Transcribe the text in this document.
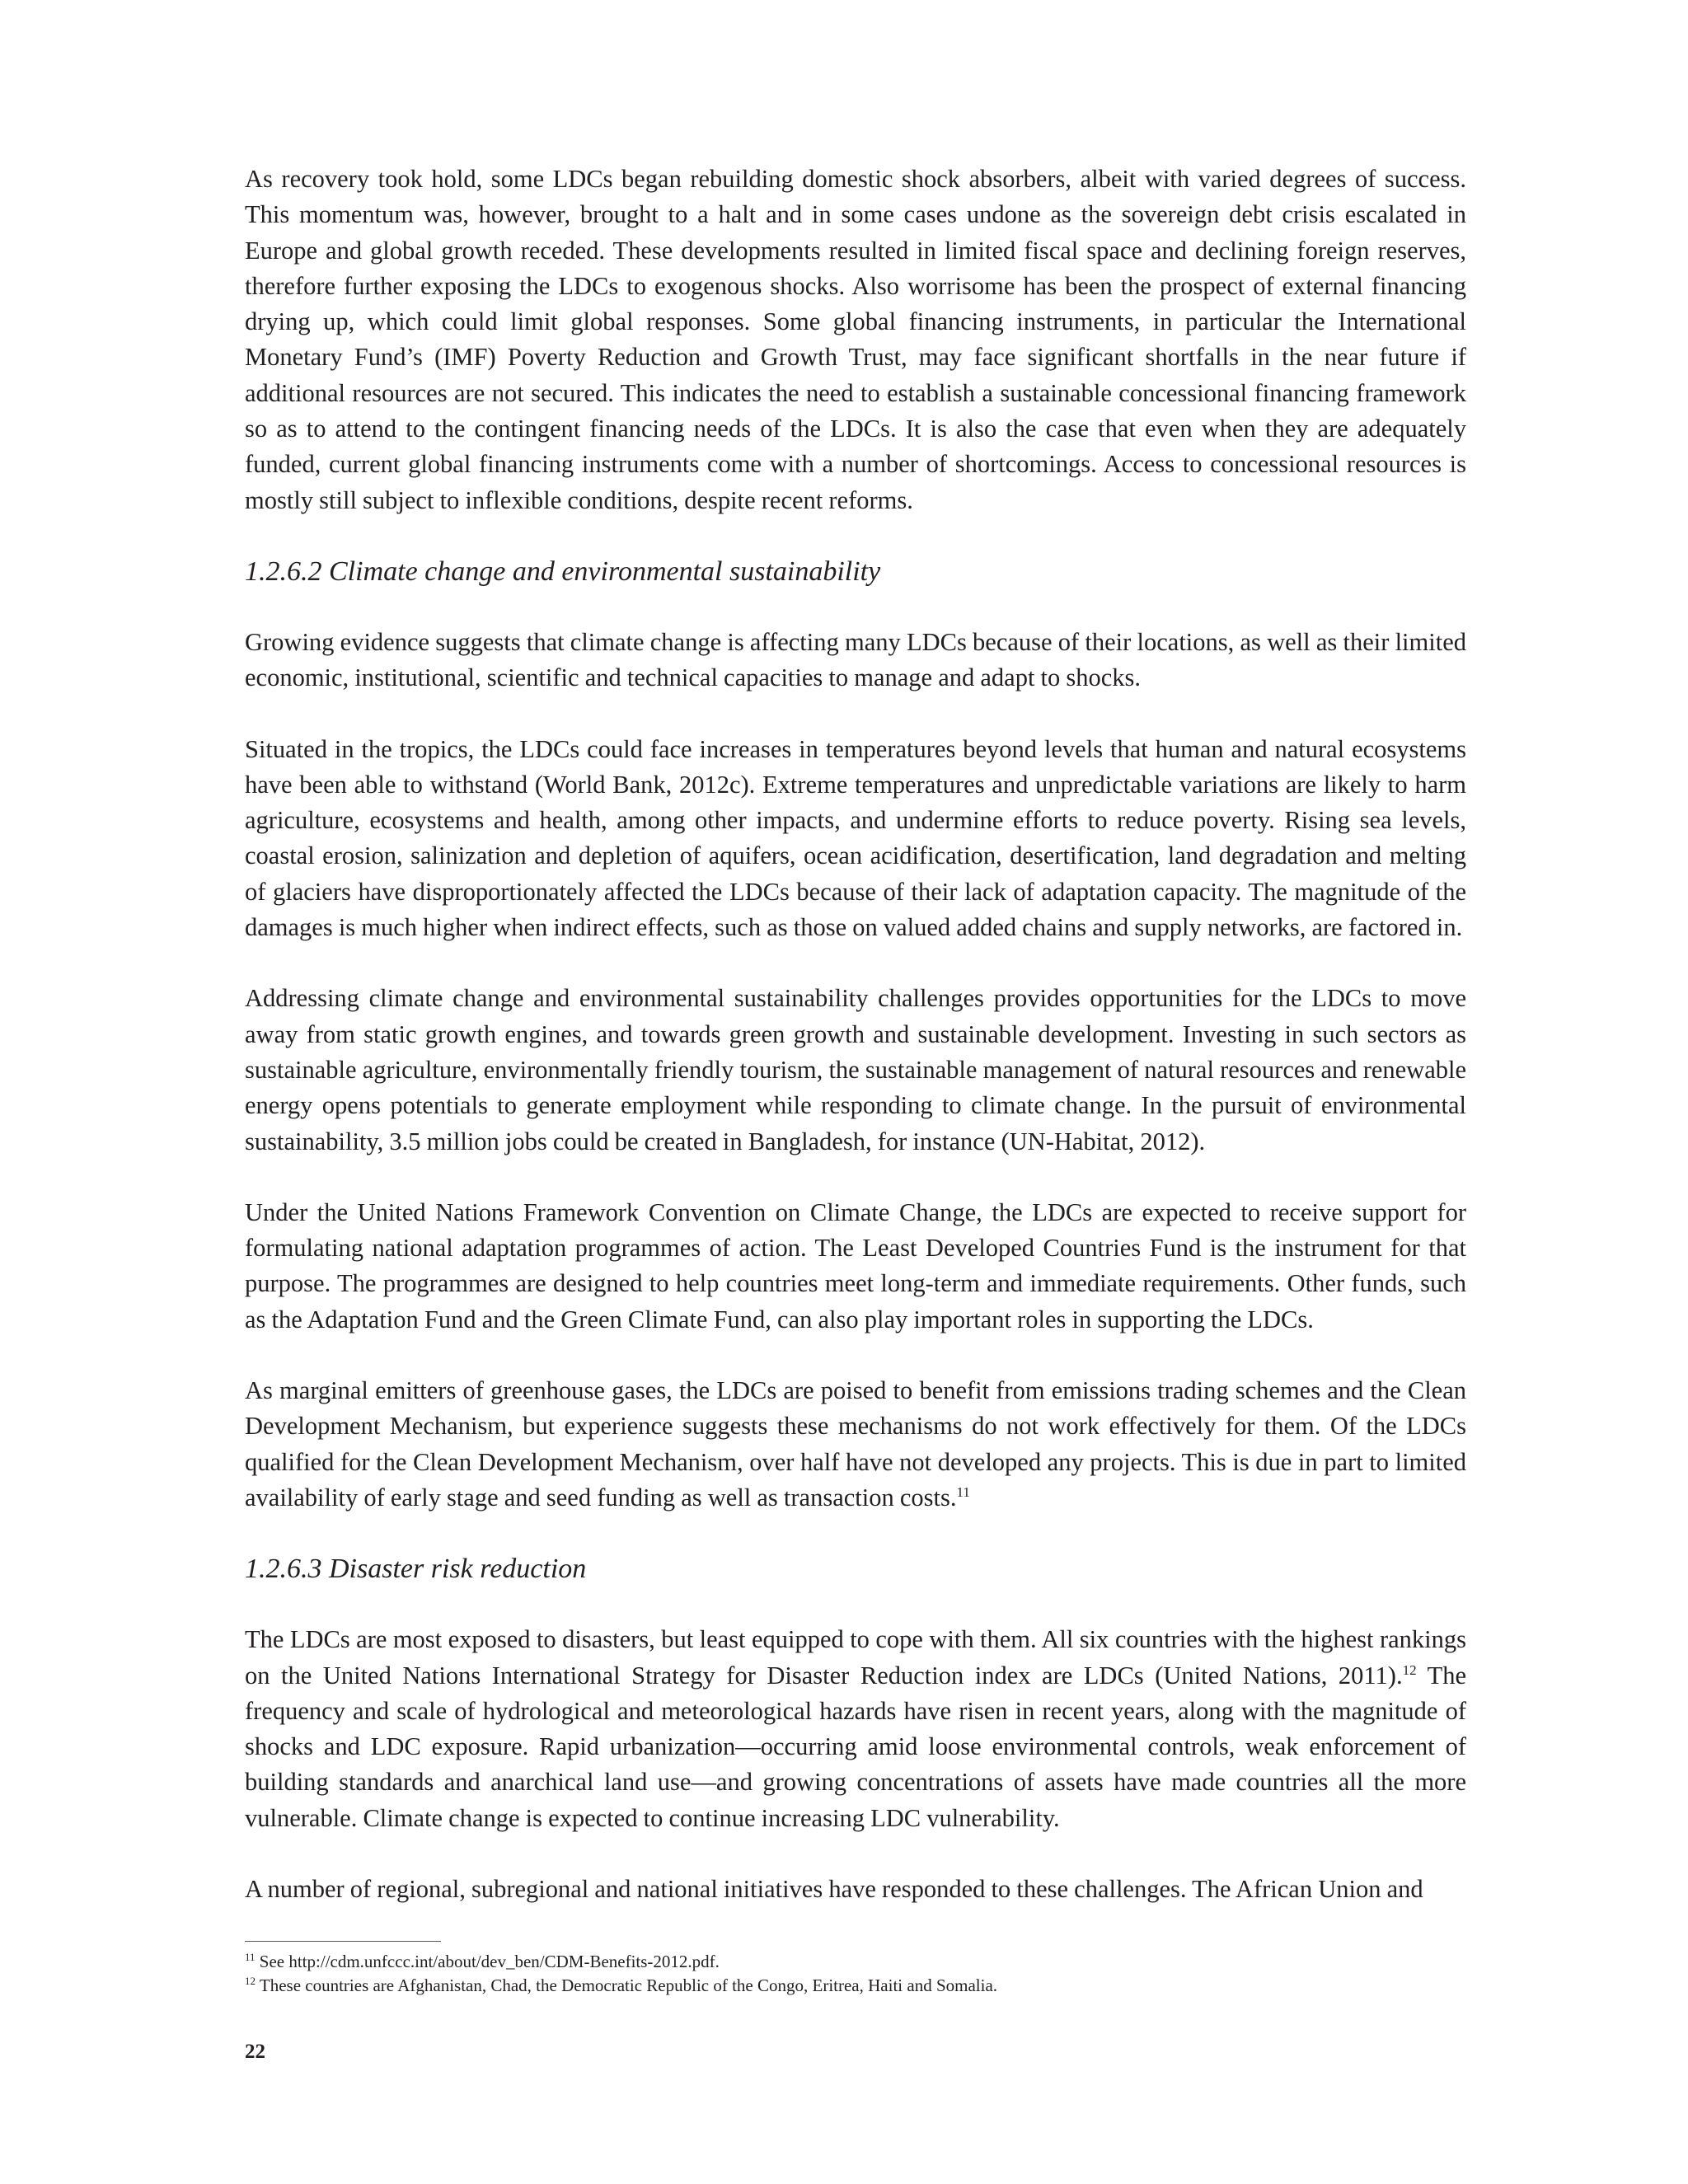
As recovery took hold, some LDCs began rebuilding domestic shock absorbers, albeit with varied degrees of success. This momentum was, however, brought to a halt and in some cases undone as the sovereign debt crisis escalated in Europe and global growth receded. These developments resulted in limited fiscal space and declining foreign reserves, therefore further exposing the LDCs to exogenous shocks. Also worrisome has been the prospect of external financing drying up, which could limit global responses. Some global financing instruments, in particular the International Monetary Fund’s (IMF) Poverty Reduction and Growth Trust, may face significant shortfalls in the near future if additional resources are not secured. This indicates the need to establish a sustainable concessional financing framework so as to attend to the contingent financing needs of the LDCs. It is also the case that even when they are adequately funded, current global financing instruments come with a number of shortcomings. Access to concessional resources is mostly still subject to inflexible conditions, despite recent reforms.

1.2.6.2 Climate change and environmental sustainability

Growing evidence suggests that climate change is affecting many LDCs because of their locations, as well as their limited economic, institutional, scientific and technical capacities to manage and adapt to shocks.

Situated in the tropics, the LDCs could face increases in temperatures beyond levels that human and natural ecosystems have been able to withstand (World Bank, 2012c). Extreme temperatures and unpredictable variations are likely to harm agriculture, ecosystems and health, among other impacts, and undermine efforts to reduce poverty. Rising sea levels, coastal erosion, salinization and depletion of aquifers, ocean acidification, desertification, land degradation and melting of glaciers have disproportionately affected the LDCs because of their lack of adaptation capacity. The magnitude of the damages is much higher when indirect effects, such as those on valued added chains and supply networks, are factored in.

Addressing climate change and environmental sustainability challenges provides opportunities for the LDCs to move away from static growth engines, and towards green growth and sustainable development. Investing in such sectors as sustainable agriculture, environmentally friendly tourism, the sustainable management of natural resources and renewable energy opens potentials to generate employment while responding to climate change. In the pursuit of environmental sustainability, 3.5 million jobs could be created in Bangladesh, for instance (UN-Habitat, 2012).

Under the United Nations Framework Convention on Climate Change, the LDCs are expected to receive support for formulating national adaptation programmes of action. The Least Developed Countries Fund is the instrument for that purpose. The programmes are designed to help countries meet long-term and immediate requirements. Other funds, such as the Adaptation Fund and the Green Climate Fund, can also play important roles in supporting the LDCs.

As marginal emitters of greenhouse gases, the LDCs are poised to benefit from emissions trading schemes and the Clean Development Mechanism, but experience suggests these mechanisms do not work effectively for them. Of the LDCs qualified for the Clean Development Mechanism, over half have not developed any projects. This is due in part to limited availability of early stage and seed funding as well as transaction costs.$^{11}$

1.2.6.3 Disaster risk reduction

The LDCs are most exposed to disasters, but least equipped to cope with them. All six countries with the highest rankings on the United Nations International Strategy for Disaster Reduction index are LDCs (United Nations, 2011).$^{12}$ The frequency and scale of hydrological and meteorological hazards have risen in recent years, along with the magnitude of shocks and LDC exposure. Rapid urbanization—occurring amid loose environmental controls, weak enforcement of building standards and anarchical land use—and growing concentrations of assets have made countries all the more vulnerable. Climate change is expected to continue increasing LDC vulnerability.

A number of regional, subregional and national initiatives have responded to these challenges. The African Union and

$^{11}$ See http://cdm.unfccc.int/about/dev_ben/CDM-Benefits-2012.pdf.

$^{12}$ These countries are Afghanistan, Chad, the Democratic Republic of the Congo, Eritrea, Haiti and Somalia.

22
